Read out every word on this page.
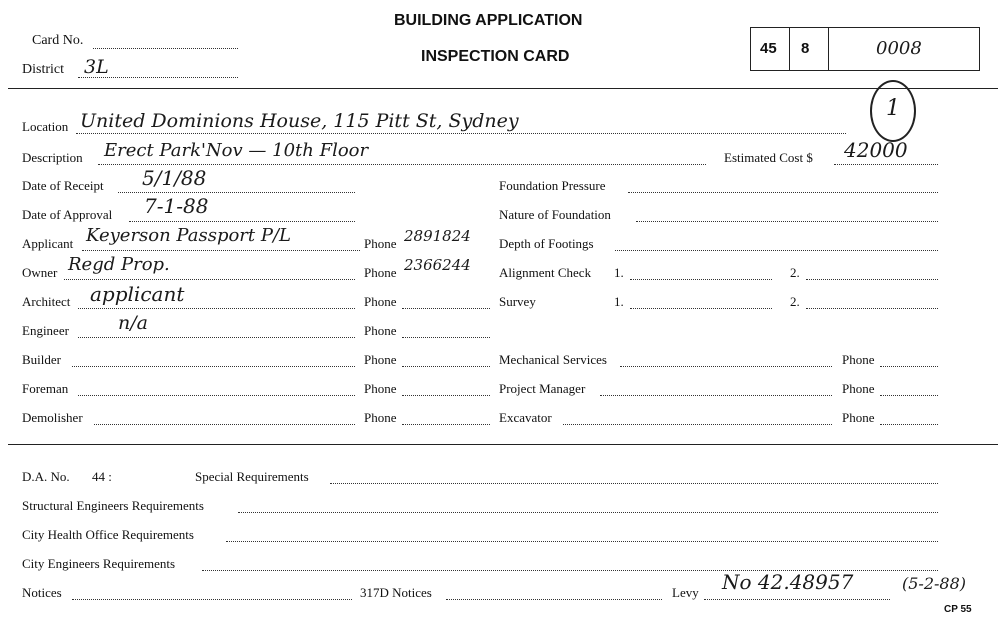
BUILDING APPLICATION
INSPECTION CARD
Card No.
District 3L
45 8	0008
1
Location United Dominions House, 115 Pitt St, Sydney
Description Erect Park'Nov — 10th Floor	Estimated Cost $ 42000
Date of Receipt 5/1/88
Date of Approval 7-1-88
Applicant Keyerson Passport P/L	Phone 2891824
Owner Regd Prop.	Phone 2366244
Architect applicant	Phone
Engineer	n/a	Phone
Builder	Phone
Foreman	Phone
Demolisher	Phone
Foundation Pressure
Nature of Foundation
Depth of Footings
Alignment Check 1.	2.
Survey	1.	2.
Mechanical Services	Phone
Project Manager	Phone
Excavator	Phone
D.A. No. 44 :	Special Requirements
Structural Engineers Requirements
City Health Office Requirements
City Engineers Requirements
Notices	317D Notices	Levy No 42.48957	(5-2-88)
CP 55
